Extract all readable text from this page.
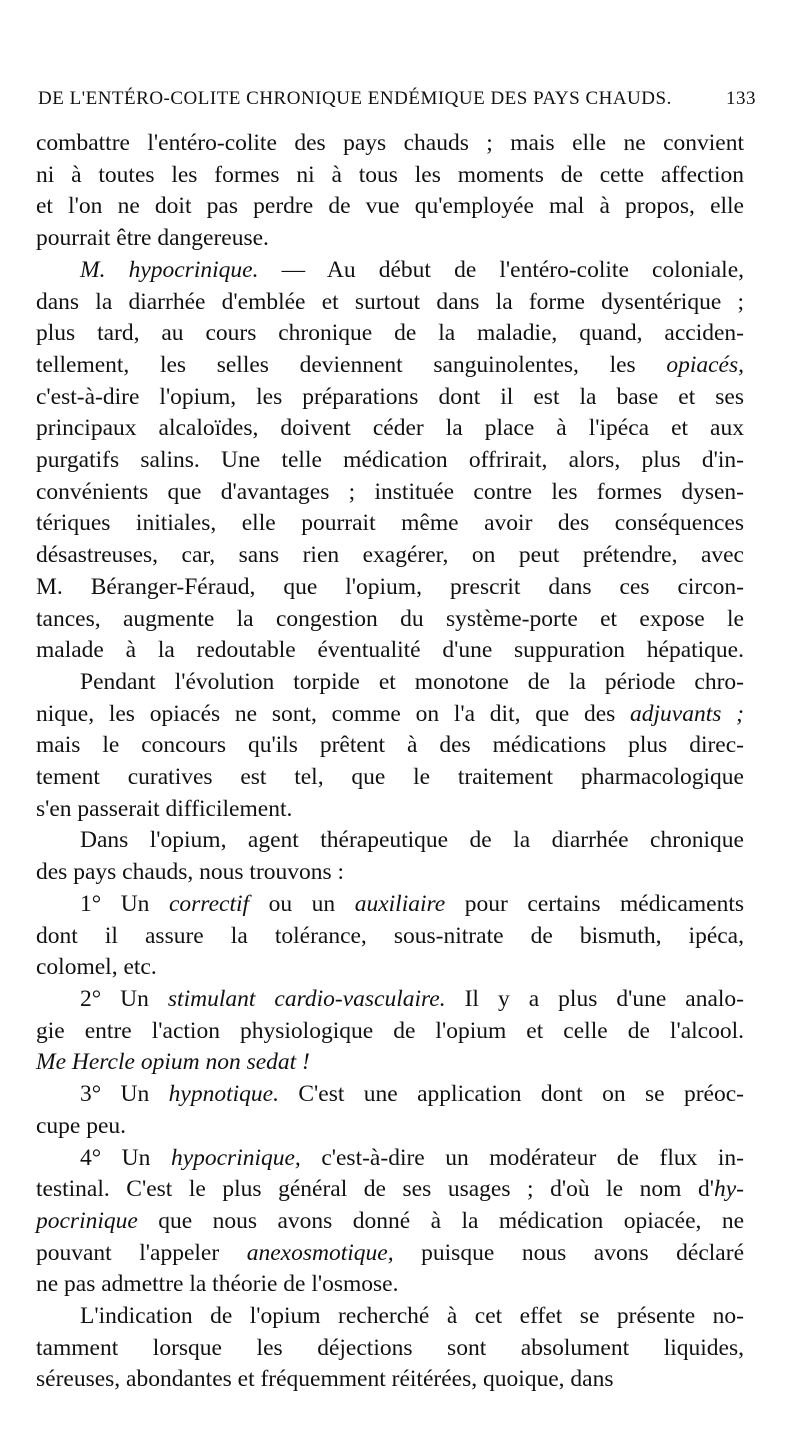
DE L'ENTÉRO-COLITE CHRONIQUE ENDÉMIQUE DES PAYS CHAUDS.	133
combattre l'entéro-colite des pays chauds ; mais elle ne convient
ni à toutes les formes ni à tous les moments de cette affection
et l'on ne doit pas perdre de vue qu'employée mal à propos, elle
pourrait être dangereuse.
M. hypocrinique. — Au début de l'entéro-colite coloniale,
dans la diarrhée d'emblée et surtout dans la forme dysentérique ;
plus tard, au cours chronique de la maladie, quand, acciden-
tellement, les selles deviennent sanguinolentes, les opiacés,
c'est-à-dire l'opium, les préparations dont il est la base et ses
principaux alcaloïdes, doivent céder la place à l'ipéca et aux
purgatifs salins. Une telle médication offrirait, alors, plus d'in-
convénients que d'avantages ; instituée contre les formes dysen-
tériques initiales, elle pourrait même avoir des conséquences
désastreuses, car, sans rien exagérer, on peut prétendre, avec
M. Béranger-Féraud, que l'opium, prescrit dans ces circon-
tances, augmente la congestion du système-porte et expose le
malade à la redoutable éventualité d'une suppuration hépatique.
Pendant l'évolution torpide et monotone de la période chro-
nique, les opiacés ne sont, comme on l'a dit, que des adjuvants ;
mais le concours qu'ils prêtent à des médications plus direc-
tement curatives est tel, que le traitement pharmacologique
s'en passerait difficilement.
Dans l'opium, agent thérapeutique de la diarrhée chronique
des pays chauds, nous trouvons :
1° Un correctif ou un auxiliaire pour certains médicaments
dont il assure la tolérance, sous-nitrate de bismuth, ipéca,
colomel, etc.
2° Un stimulant cardio-vasculaire. Il y a plus d'une analo-
gie entre l'action physiologique de l'opium et celle de l'alcool.
Me Hercle opium non sedat !
3° Un hypnotique. C'est une application dont on se préoc-
cupe peu.
4° Un hypocrinique, c'est-à-dire un modérateur de flux in-
testinal. C'est le plus général de ses usages ; d'où le nom d'hy-
pocrinique que nous avons donné à la médication opiacée, ne
pouvant l'appeler anexosmotique, puisque nous avons déclaré
ne pas admettre la théorie de l'osmose.
L'indication de l'opium recherché à cet effet se présente no-
tamment lorsque les déjections sont absolument liquides,
séreuses, abondantes et fréquemment réitérées, quoique, dans
